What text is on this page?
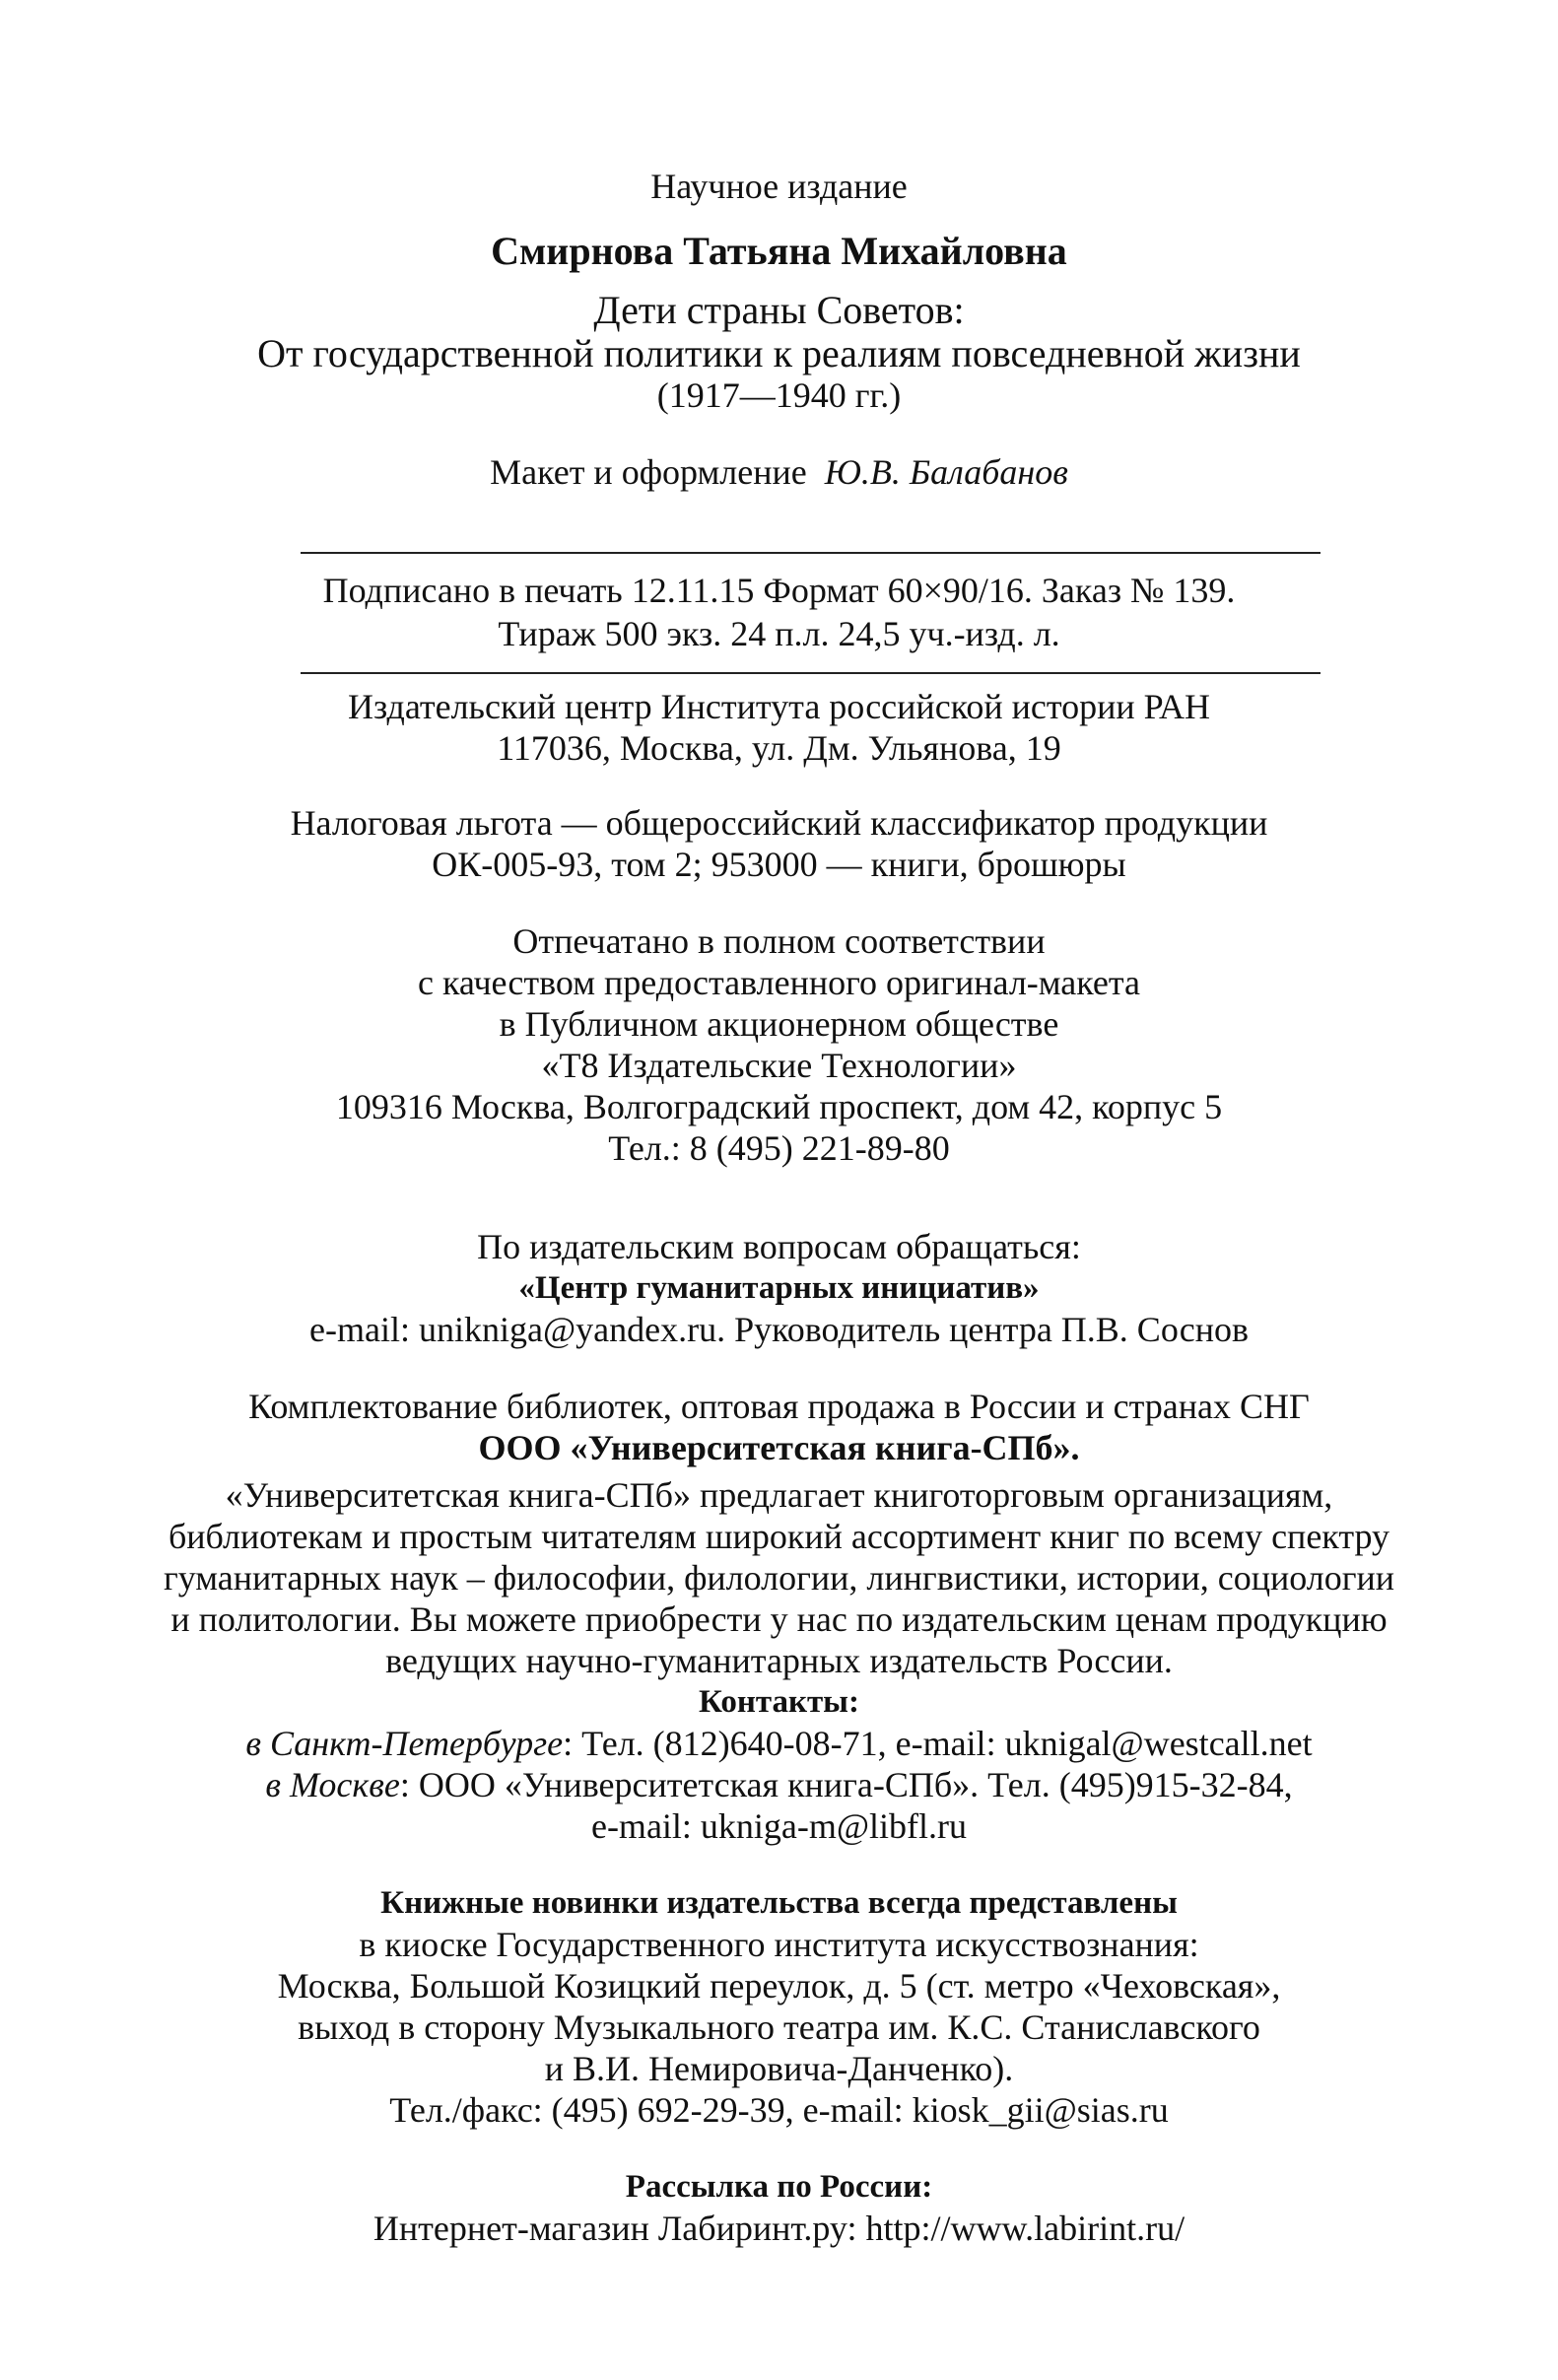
Научное издание
Смирнова Татьяна Михайловна
Дети страны Советов:
От государственной политики к реалиям повседневной жизни
(1917—1940 гг.)
Макет и оформление Ю.В. Балабанов
Подписано в печать 12.11.15 Формат 60×90/16. Заказ № 139.
Тираж 500 экз. 24 п.л. 24,5 уч.-изд. л.
Издательский центр Института российской истории РАН
117036, Москва, ул. Дм. Ульянова, 19
Налоговая льгота — общероссийский классификатор продукции
ОК-005-93, том 2; 953000 — книги, брошюры
Отпечатано в полном соответствии
с качеством предоставленного оригинал-макета
в Публичном акционерном обществе
«Т8 Издательские Технологии»
109316 Москва, Волгоградский проспект, дом 42, корпус 5
Тел.: 8 (495) 221-89-80
По издательским вопросам обращаться:
«Центр гуманитарных инициатив»
e-mail: unikniga@yandex.ru. Руководитель центра П.В. Соснов
Комплектование библиотек, оптовая продажа в России и странах СНГ
ООО «Университетская книга-СПб».
«Университетская книга-СПб» предлагает книготорговым организациям,
библиотекам и простым читателям широкий ассортимент книг по всему спектру
гуманитарных наук – философии, филологии, лингвистики, истории, социологии
и политологии. Вы можете приобрести у нас по издательским ценам продукцию
ведущих научно-гуманитарных издательств России.
Контакты:
в Санкт-Петербурге: Тел. (812)640-08-71, e-mail: uknigal@westcall.net
в Москве: ООО «Университетская книга-СПб». Тел. (495)915-32-84,
e-mail: ukniga-m@libfl.ru
Книжные новинки издательства всегда представлены
в киоске Государственного института искусствознания:
Москва, Большой Козицкий переулок, д. 5 (ст. метро «Чеховская»,
выход в сторону Музыкального театра им. К.С. Станиславского
и В.И. Немировича-Данченко).
Тел./факс: (495) 692-29-39, e-mail: kiosk_gii@sias.ru
Рассылка по России:
Интернет-магазин Лабиринт.ру: http://www.labirint.ru/
